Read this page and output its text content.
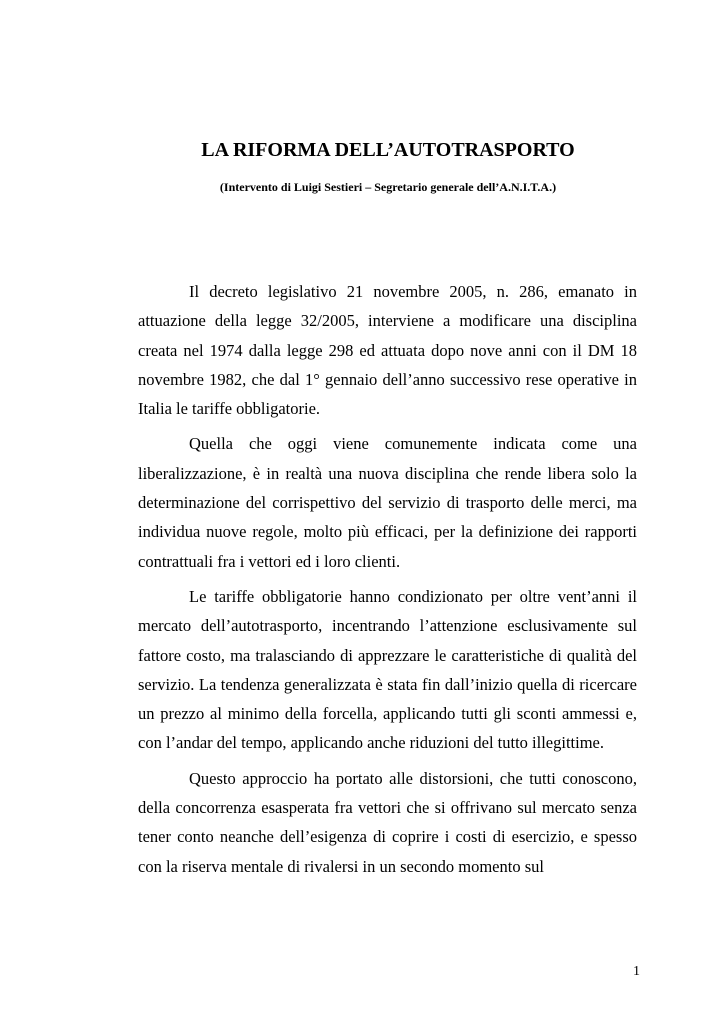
LA RIFORMA DELL’AUTOTRASPORTO

(Intervento di Luigi Sestieri – Segretario generale dell’A.N.I.T.A.)

Il decreto legislativo 21 novembre 2005, n. 286, emanato in attuazione della legge 32/2005, interviene a modificare una disciplina creata nel 1974 dalla legge 298 ed attuata dopo nove anni con il DM 18 novembre 1982, che dal 1° gennaio dell’anno successivo rese operative in Italia le tariffe obbligatorie.

Quella che oggi viene comunemente indicata come una liberalizzazione, è in realtà una nuova disciplina che rende libera solo la determinazione del corrispettivo del servizio di trasporto delle merci, ma individua nuove regole, molto più efficaci, per la definizione dei rapporti contrattuali fra i vettori ed i loro clienti.

Le tariffe obbligatorie hanno condizionato per oltre vent’anni il mercato dell’autotrasporto, incentrando l’attenzione esclusivamente sul fattore costo, ma tralasciando di apprezzare le caratteristiche di qualità del servizio. La tendenza generalizzata è stata fin dall’inizio quella di ricercare un prezzo al minimo della forcella, applicando tutti gli sconti ammessi e, con l’andar del tempo, applicando anche riduzioni del tutto illegittime.

Questo approccio ha portato alle distorsioni, che tutti conoscono, della concorrenza esasperata fra vettori che si offrivano sul mercato senza tener conto neanche dell’esigenza di coprire i costi di esercizio, e spesso con la riserva mentale di rivalersi in un secondo momento sul

1
